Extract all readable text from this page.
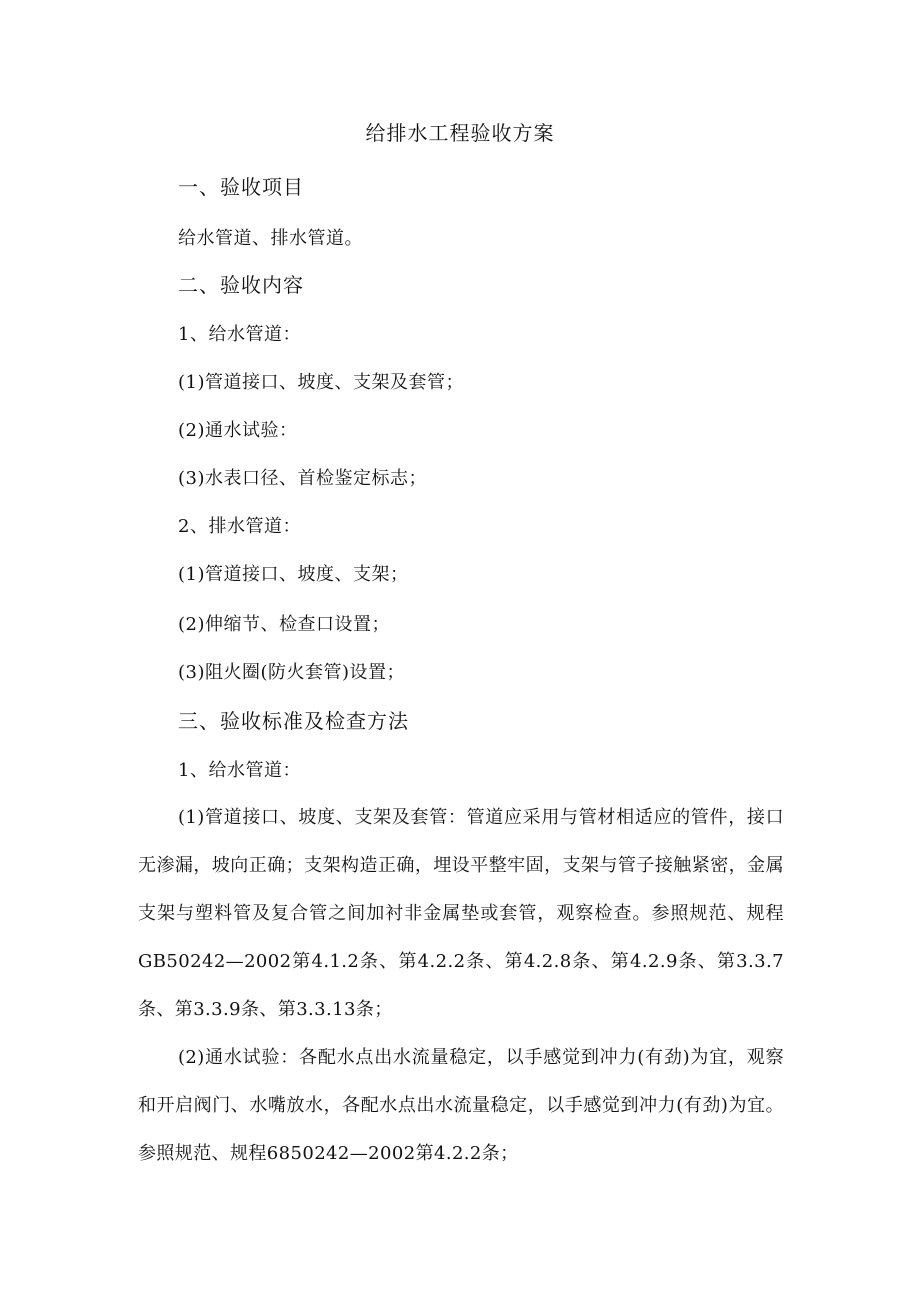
给排水工程验收方案
一、验收项目
给水管道、排水管道。
二、验收内容
1、给水管道：
(1)管道接口、坡度、支架及套管；
(2)通水试验：
(3)水表口径、首检鉴定标志；
2、排水管道：
(1)管道接口、坡度、支架；
(2)伸缩节、检查口设置；
(3)阻火圈(防火套管)设置；
三、验收标准及检查方法
1、给水管道：
(1)管道接口、坡度、支架及套管：管道应采用与管材相适应的管件，接口无渗漏，坡向正确；支架构造正确，埋设平整牢固，支架与管子接触紧密，金属支架与塑料管及复合管之间加衬非金属垫或套管，观察检查。参照规范、规程GB50242—2002第4.1.2条、第4.2.2条、第4.2.8条、第4.2.9条、第3.3.7条、第3.3.9条、第3.3.13条；
(2)通水试验：各配水点出水流量稳定，以手感觉到冲力(有劲)为宜，观察和开启阀门、水嘴放水，各配水点出水流量稳定，以手感觉到冲力(有劲)为宜。参照规范、规程6850242—2002第4.2.2条；
